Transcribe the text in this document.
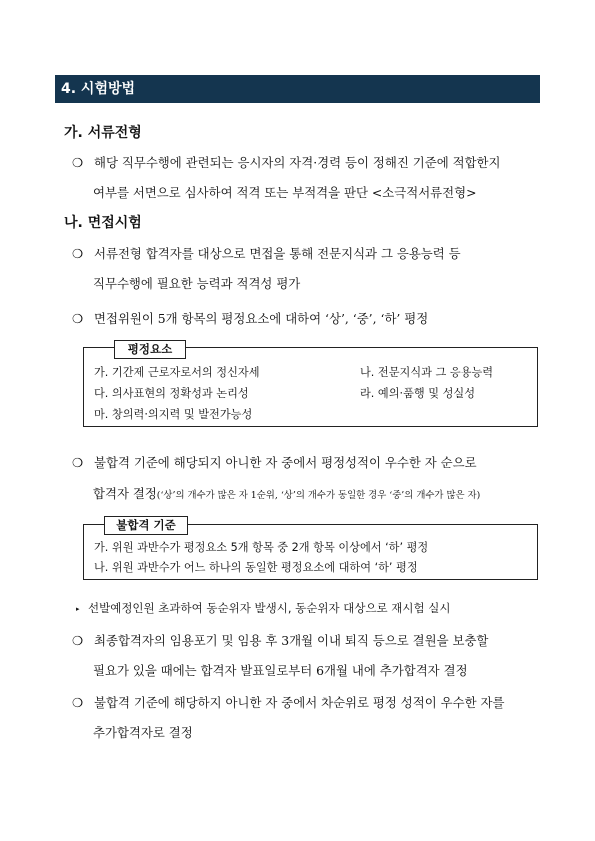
4. 시험방법
가. 서류전형
❍ 해당 직무수행에 관련되는 응시자의 자격·경력 등이 정해진 기준에 적합한지
여부를 서면으로 심사하여 적격 또는 부적격을 판단 <소극적서류전형>
나. 면접시험
❍ 서류전형 합격자를 대상으로 면접을 통해 전문지식과 그 응용능력 등
직무수행에 필요한 능력과 적격성 평가
❍ 면접위원이 5개 항목의 평정요소에 대하여 ‘상’, ‘중’, ‘하’ 평정
가. 기간제 근로자로서의 정신자세	나. 전문지식과 그 응용능력
다. 의사표현의 정확성과 논리성	라. 예의·품행 및 성실성
마. 창의력·의지력 및 발전가능성
평정요소
❍ 불합격 기준에 해당되지 아니한 자 중에서 평정성적이 우수한 자 순으로
합격자 결정(‘상’의 개수가 많은 자 1순위, ‘상’의 개수가 동일한 경우 ‘중’의 개수가 많은 자)
가. 위원 과반수가 평정요소 5개 항목 중 2개 항목 이상에서 ‘하’ 평정
나. 위원 과반수가 어느 하나의 동일한 평정요소에 대하여 ‘하’ 평정
불합격 기준
▸ 선발예정인원 초과하여 동순위자 발생시, 동순위자 대상으로 재시험 실시
❍ 최종합격자의 임용포기 및 임용 후 3개월 이내 퇴직 등으로 결원을 보충할
필요가 있을 때에는 합격자 발표일로부터 6개월 내에 추가합격자 결정
❍ 불합격 기준에 해당하지 아니한 자 중에서 차순위로 평정 성적이 우수한 자를
추가합격자로 결정
